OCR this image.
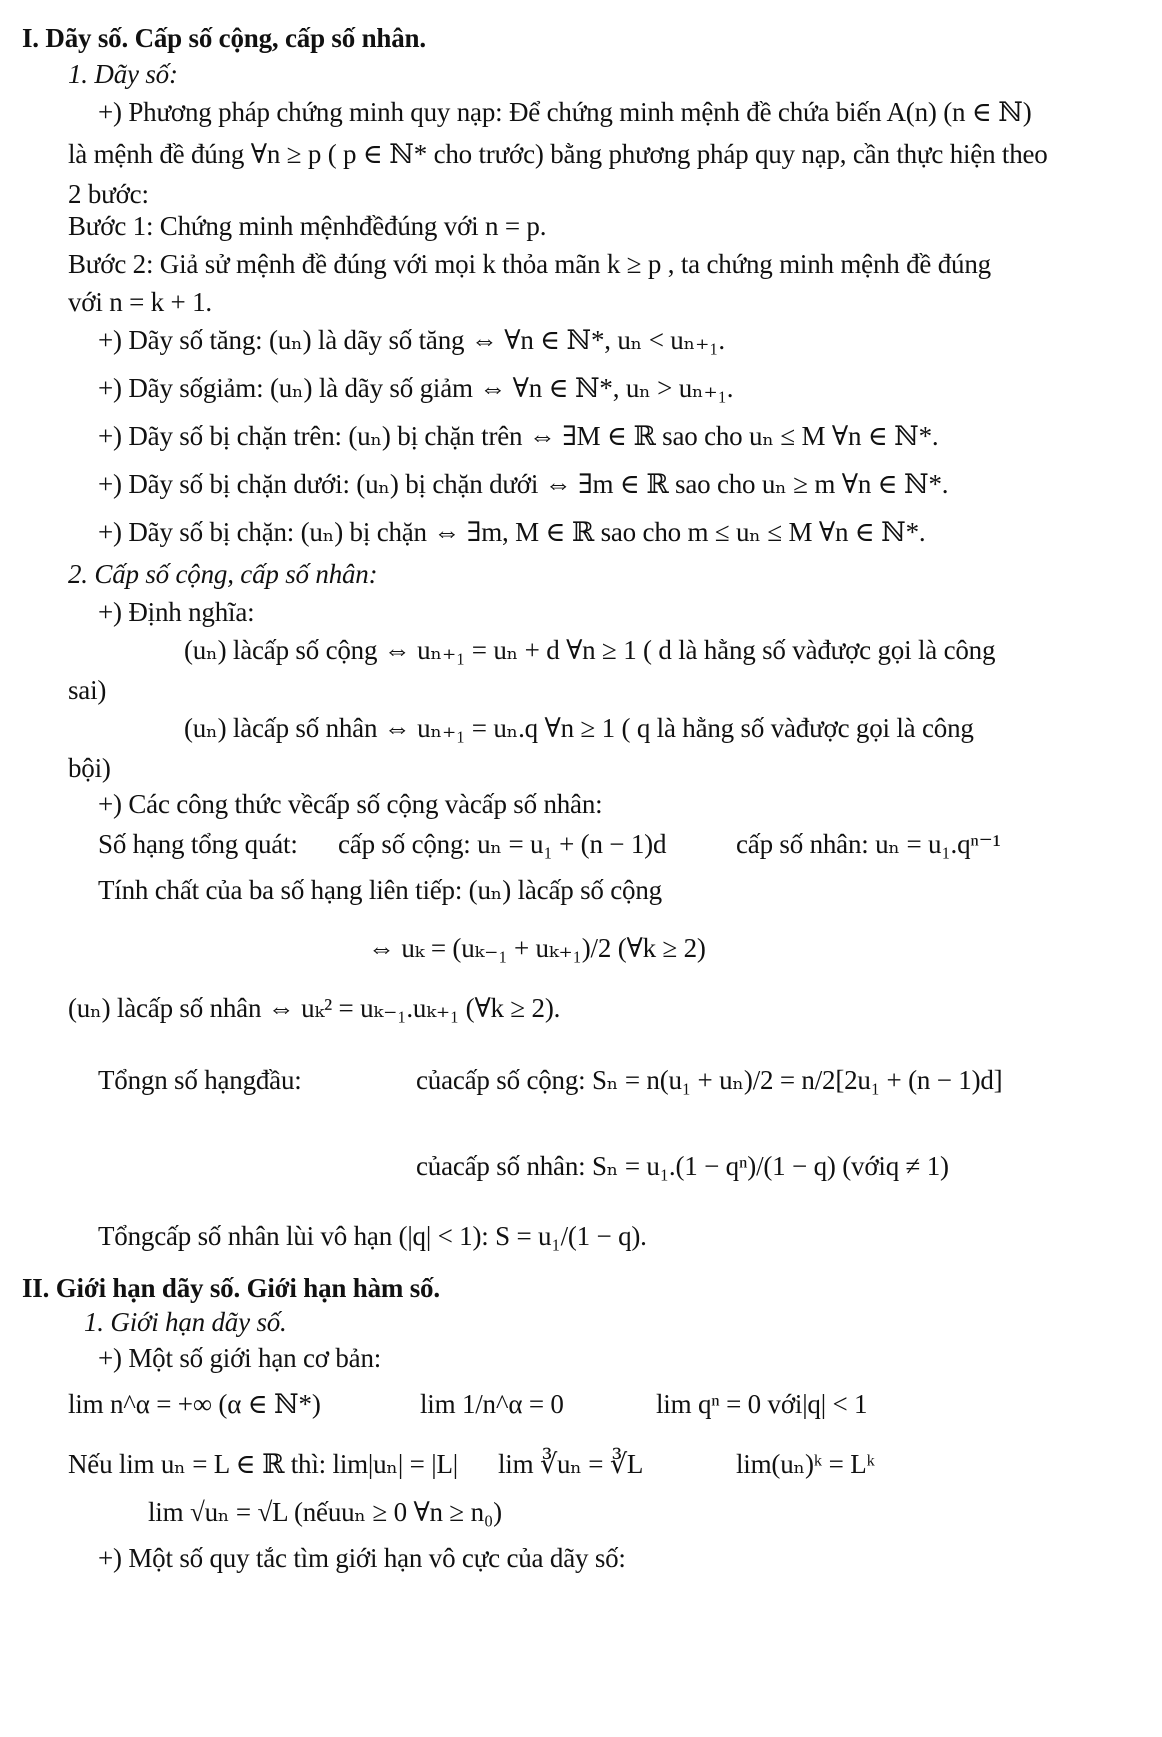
I. Dãy số. Cấp số cộng, cấp số nhân.
1. Dãy số:
+) Phương pháp chứng minh quy nạp: Để chứng minh mệnh đề chứa biến A(n) (n ∈ ℕ)
là mệnh đề đúng ∀n ≥ p ( p ∈ ℕ* cho trước) bằng phương pháp quy nạp, cần thực hiện theo
2 bước:
Bước 1: Chứng minh mệnhđềđúng với n = p.
Bước 2: Giả sử mệnh đề đúng với mọi k thỏa mãn k ≥ p , ta chứng minh mệnh đề đúng
với n = k + 1.
+) Dãy số tăng: (uₙ) là dãy số tăng ⇔ ∀n ∈ ℕ*, uₙ < uₙ₊₁.
+) Dãy sốgiảm: (uₙ) là dãy số giảm ⇔ ∀n ∈ ℕ*, uₙ > uₙ₊₁.
+) Dãy số bị chặn trên: (uₙ) bị chặn trên ⇔ ∃M ∈ ℝ sao cho uₙ ≤ M ∀n ∈ ℕ*.
+) Dãy số bị chặn dưới: (uₙ) bị chặn dưới ⇔ ∃m ∈ ℝ sao cho uₙ ≥ m ∀n ∈ ℕ*.
+) Dãy số bị chặn: (uₙ) bị chặn ⇔ ∃m, M ∈ ℝ sao cho m ≤ uₙ ≤ M ∀n ∈ ℕ*.
2. Cấp số cộng, cấp số nhân:
+) Định nghĩa:
(uₙ) làcấp số cộng ⇔ uₙ₊₁ = uₙ + d ∀n ≥ 1 ( d là hằng số vàđược gọi là công
sai)
(uₙ) làcấp số nhân ⇔ uₙ₊₁ = uₙ.q ∀n ≥ 1 ( q là hằng số vàđược gọi là công
bội)
+) Các công thức vềcấp số cộng vàcấp số nhân:
Số hạng tổng quát: cấp số cộng: uₙ = u₁ + (n − 1)d	cấp số nhân: uₙ = u₁.qⁿ⁻¹
Tính chất của ba số hạng liên tiếp: (uₙ) làcấp số cộng
⇔ uₖ = (uₖ₋₁ + uₖ₊₁)/2 (∀k ≥ 2)
(uₙ) làcấp số nhân ⇔ uₖ² = uₖ₋₁.uₖ₊₁ (∀k ≥ 2).
Tổngn số hạngđầu:	củacấp số cộng: Sₙ = n(u₁ + uₙ)/2 = n/2[2u₁ + (n − 1)d]
củacấp số nhân: Sₙ = u₁.(1 − qⁿ)/(1 − q) (vớiq ≠ 1)
Tổngcấp số nhân lùi vô hạn (|q| < 1): S = u₁/(1 − q).
II. Giới hạn dãy số. Giới hạn hàm số.
1. Giới hạn dãy số.
+) Một số giới hạn cơ bản:
lim n^α = +∞ (α ∈ ℕ*)	lim 1/n^α = 0	lim qⁿ = 0 với|q| < 1
Nếu lim uₙ = L ∈ ℝ thì: lim|uₙ| = |L| lim ∛uₙ = ∛L	lim(uₙ)ᵏ = Lᵏ
lim √uₙ = √L (nếuuₙ ≥ 0 ∀n ≥ n₀)
+) Một số quy tắc tìm giới hạn vô cực của dãy số:
